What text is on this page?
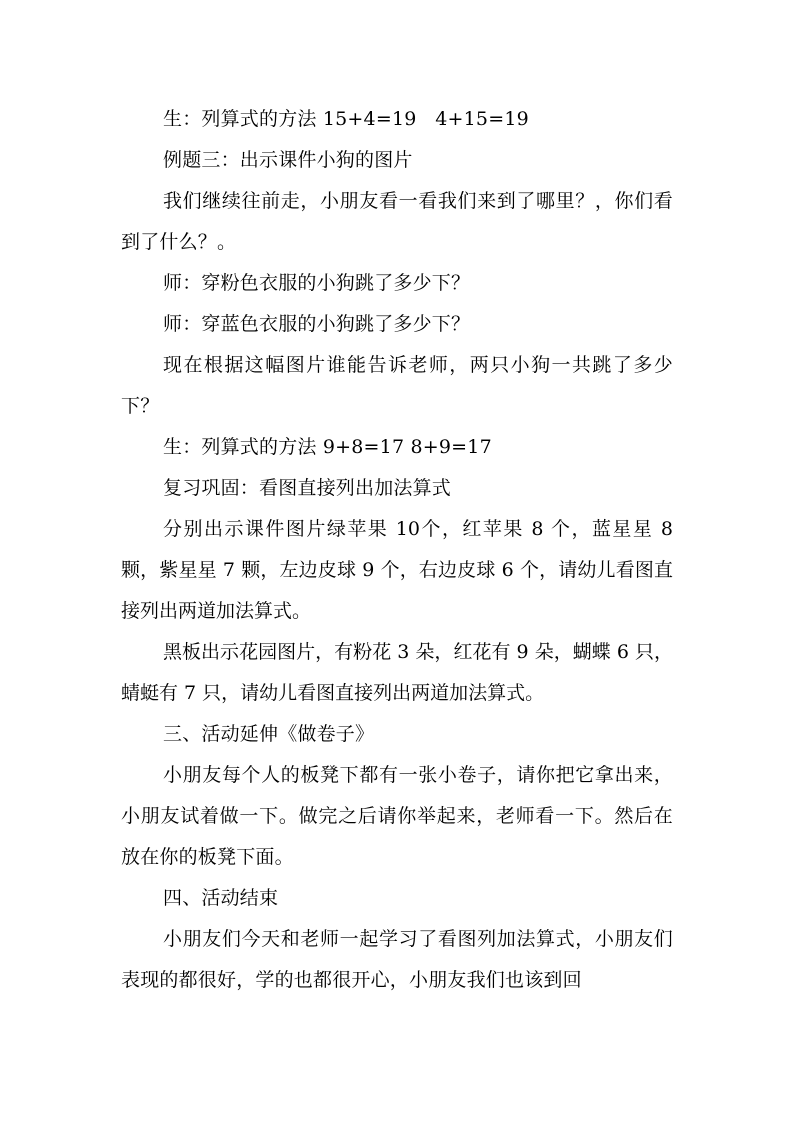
生：列算式的方法 15+4=19   4+15=19

例题三：出示课件小狗的图片

我们继续往前走，小朋友看一看我们来到了哪里？，你们看到了什么？。

师：穿粉色衣服的小狗跳了多少下？

师：穿蓝色衣服的小狗跳了多少下？

现在根据这幅图片谁能告诉老师，两只小狗一共跳了多少下？

生：列算式的方法 9+8=17 8+9=17

复习巩固：看图直接列出加法算式

分别出示课件图片绿苹果 10个，红苹果 8 个，蓝星星 8 颗，紫星星 7 颗，左边皮球 9 个，右边皮球 6 个，请幼儿看图直接列出两道加法算式。

黑板出示花园图片，有粉花 3 朵，红花有 9 朵，蝴蝶 6 只，蜻蜓有 7 只，请幼儿看图直接列出两道加法算式。

三、活动延伸《做卷子》

小朋友每个人的板凳下都有一张小卷子，请你把它拿出来，小朋友试着做一下。做完之后请你举起来，老师看一下。然后在放在你的板凳下面。

四、活动结束

小朋友们今天和老师一起学习了看图列加法算式，小朋友们表现的都很好，学的也都很开心，小朋友我们也该到回
